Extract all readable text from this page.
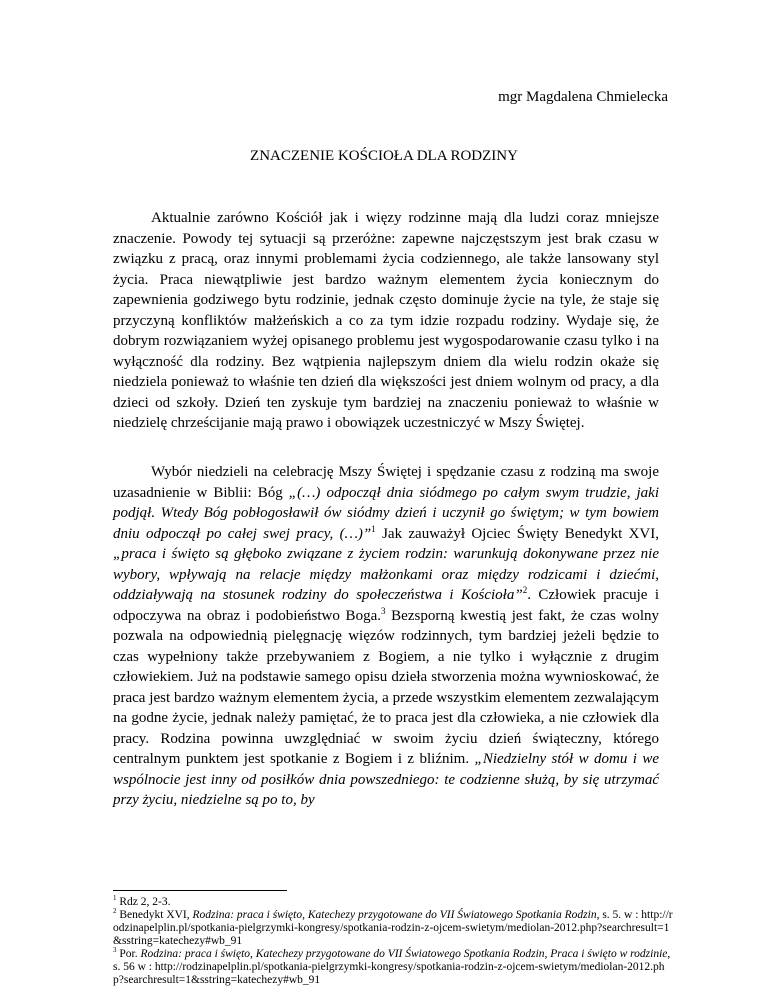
mgr Magdalena Chmielecka
ZNACZENIE KOŚCIOŁA DLA RODZINY

Aktualnie zarówno Kościół jak i więzy rodzinne mają dla ludzi coraz mniejsze znaczenie. Powody tej sytuacji są przeróżne: zapewne najczęstszym jest brak czasu w związku z pracą, oraz innymi problemami życia codziennego, ale także lansowany styl życia. Praca niewątpliwie jest bardzo ważnym elementem życia koniecznym do zapewnienia godziwego bytu rodzinie, jednak często dominuje życie na tyle, że staje się przyczyną konfliktów małżeńskich a co za tym idzie rozpadu rodziny. Wydaje się, że dobrym rozwiązaniem wyżej opisanego problemu jest wygospodarowanie czasu tylko i na wyłączność dla rodziny. Bez wątpienia najlepszym dniem dla wielu rodzin okaże się niedziela ponieważ to właśnie ten dzień dla większości jest dniem wolnym od pracy, a dla dzieci od szkoły. Dzień ten zyskuje tym bardziej na znaczeniu ponieważ to właśnie w niedzielę chrześcijanie mają prawo i obowiązek uczestniczyć w Mszy Świętej.

Wybór niedzieli na celebrację Mszy Świętej i spędzanie czasu z rodziną ma swoje uzasadnienie w Biblii: Bóg „(…) odpoczął dnia siódmego po całym swym trudzie, jaki podjął. Wtedy Bóg pobłogosławił ów siódmy dzień i uczynił go świętym; w tym bowiem dniu odpoczął po całej swej pracy, (…)”$^1$ Jak zauważył Ojciec Święty Benedykt XVI, „praca i święto są głęboko związane z życiem rodzin: warunkują dokonywane przez nie wybory, wpływają na relacje między małżonkami oraz między rodzicami i dziećmi, oddziaływają na stosunek rodziny do społeczeństwa i Kościoła”$^2$. Człowiek pracuje i odpoczywa na obraz i podobieństwo Boga.$^3$ Bezsporną kwestią jest fakt, że czas wolny pozwala na odpowiednią pielęgnację więzów rodzinnych, tym bardziej jeżeli będzie to czas wypełniony także przebywaniem z Bogiem, a nie tylko i wyłącznie z drugim człowiekiem. Już na podstawie samego opisu dzieła stworzenia można wywnioskować, że praca jest bardzo ważnym elementem życia, a przede wszystkim elementem zezwalającym na godne życie, jednak należy pamiętać, że to praca jest dla człowieka, a nie człowiek dla pracy. Rodzina powinna uwzględniać w swoim życiu dzień świąteczny, którego centralnym punktem jest spotkanie z Bogiem i z bliźnim. „Niedzielny stół w domu i we wspólnocie jest inny od posiłków dnia powszedniego: te codzienne służą, by się utrzymać przy życiu, niedzielne są po to, by

$^1$ Rdz 2, 2-3.

$^2$ Benedykt XVI, Rodzina: praca i święto, Katechezy przygotowane do VII Światowego Spotkania Rodzin, s. 5. w : http://rodzinapelplin.pl/spotkania-pielgrzymki-kongresy/spotkania-rodzin-z-ojcem-swietym/mediolan-2012.php?searchresult=1&sstring=katechezy#wb_91

$^3$ Por. Rodzina: praca i święto, Katechezy przygotowane do VII Światowego Spotkania Rodzin, Praca i święto w rodzinie, s. 56 w : http://rodzinapelplin.pl/spotkania-pielgrzymki-kongresy/spotkania-rodzin-z-ojcem-swietym/mediolan-2012.php?searchresult=1&sstring=katechezy#wb_91
